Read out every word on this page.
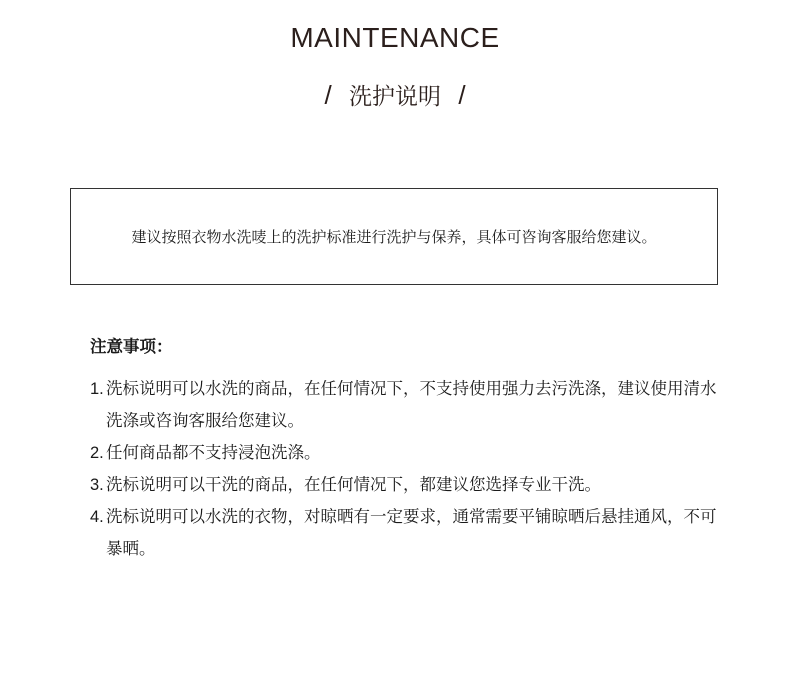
MAINTENANCE
/ 洗护说明 /
建议按照衣物水洗唛上的洗护标准进行洗护与保养，具体可咨询客服给您建议。
注意事项：
1. 洗标说明可以水洗的商品，在任何情况下，不支持使用强力去污洗涤，建议使用清水洗涤或咨询客服给您建议。
2. 任何商品都不支持浸泡洗涤。
3. 洗标说明可以干洗的商品，在任何情况下，都建议您选择专业干洗。
4. 洗标说明可以水洗的衣物，对晾晒有一定要求，通常需要平铺晾晒后悬挂通风，不可暴晒。
